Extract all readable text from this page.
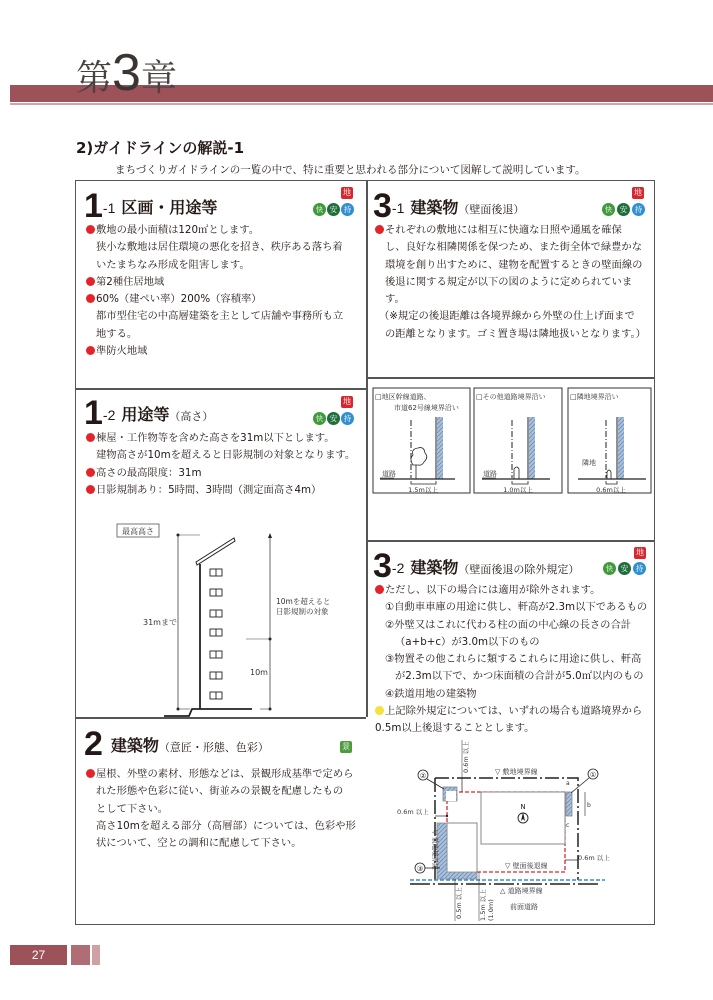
第3章
2)ガイドラインの解説-1
まちづくりガイドラインの一覧の中で、特に重要と思われる部分について図解して説明しています。
1-1 区画・用途等
地
快 安 持
敷地の最小面積は120㎡とします。
狭小な敷地は居住環境の悪化を招き、秩序ある落ち着
いたまちなみ形成を阻害します。
第2種住居地域
60%（建ぺい率）200%（容積率）
都市型住宅の中高層建築を主として店舗や事務所も立
地する。
準防火地域
1-2 用途等（高さ）
地
快 安 持
棟屋・工作物等を含めた高さを31m以下とします。
建物高さが10mを超えると日影規制の対象となります。
高さの最高限度：31m
日影規制あり：5時間、3時間（測定面高さ4m）
最高高さ
31mまで
10mを超えると
日影規制の対象
10m
2 建築物（意匠・形態、色彩）	景
屋根、外壁の素材、形態などは、景観形成基準で定めら
れた形態や色彩に従い、街並みの景観を配慮したもの
として下さい。
高さ10mを超える部分（高層部）については、色彩や形
状について、空との調和に配慮して下さい。
3-1 建築物（壁面後退）
地
快	安	持
それぞれの敷地には相互に快適な日照や通風を確保
し、良好な相隣関係を保つため、また街全体で緑豊かな
環境を創り出すために、建物を配置するときの壁面線の
後退に関する規定が以下の図のように定められていま
す。
（※規定の後退距離は各境界線から外壁の仕上げ面まで
の距離となります。ゴミ置き場は隣地扱いとなります。）
□地区幹線道路、
市道62号線境界沿い
道路
1.5m以上
□その他道路境界沿い
道路
1.0m以上
□隣地境界沿い
隣地
0.6m以上
3-2 建築物（壁面後退の除外規定）
地
快	安	持
ただし、以下の場合には適用が除外されます。
①自動車車庫の用途に供し、軒高が2.3m以下であるもの
②外壁又はこれに代わる柱の面の中心線の長さの合計
（a+b+c）が3.0m以下のもの
③物置その他これらに類するこれらに用途に供し、軒高
が2.3m以下で、かつ床面積の合計が5.0㎡以内のもの
④鉄道用地の建築物
上記除外規定については、いずれの場合も道路境界から
0.5m以上後退することとします。
N
②	①
③
▽ 敷地境界線
▽ 壁面後退線
△ 道路境界線
前面道路
▽ 敷地境界線
0.6m 以上
0.6m 以上
0.6m 以上
a
b
c
0.5m 以上 1.5m 以上 (1.0m)
27
